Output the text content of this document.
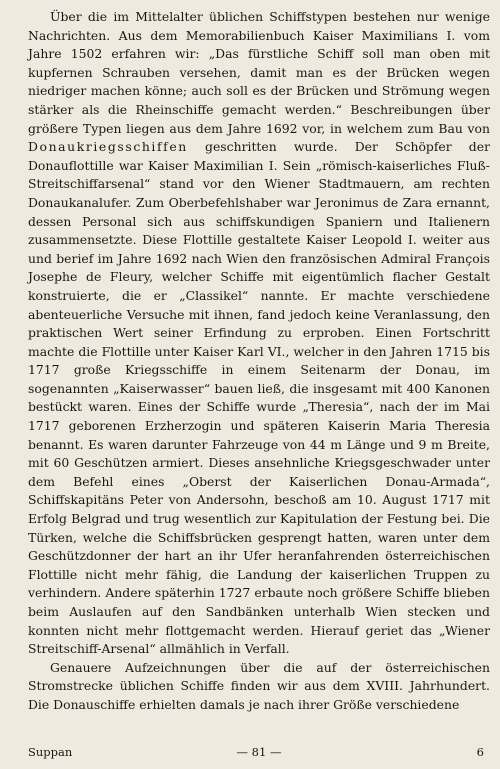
Über die im Mittelalter üblichen Schiffstypen bestehen nur wenige Nachrichten. Aus dem Memorabilienbuch Kaiser Maximilians I. vom Jahre 1502 erfahren wir: „Das fürstliche Schiff soll man oben mit kupfernen Schrauben versehen, damit man es der Brücken wegen niedriger machen könne; auch soll es der Brücken und Strömung wegen stärker als die Rheinschiffe gemacht werden.“ Beschreibungen über größere Typen liegen aus dem Jahre 1692 vor, in welchem zum Bau von Donaukriegsschiffen geschritten wurde. Der Schöpfer der Donauflottille war Kaiser Maximilian I. Sein „römisch-kaiserliches Fluß-Streitschiffarsenal“ stand vor den Wiener Stadtmauern, am rechten Donaukanalufer. Zum Oberbefehlshaber war Jeronimus de Zara ernannt, dessen Personal sich aus schiffskundigen Spaniern und Italienern zusammensetzte. Diese Flottille gestaltete Kaiser Leopold I. weiter aus und berief im Jahre 1692 nach Wien den französischen Admiral François Josephe de Fleury, welcher Schiffe mit eigentümlich flacher Gestalt konstruierte, die er „Classikel“ nannte. Er machte verschiedene abenteuerliche Versuche mit ihnen, fand jedoch keine Veranlassung, den praktischen Wert seiner Erfindung zu erproben. Einen Fortschritt machte die Flottille unter Kaiser Karl VI., welcher in den Jahren 1715 bis 1717 große Kriegsschiffe in einem Seitenarm der Donau, im sogenannten „Kaiserwasser“ bauen ließ, die insgesamt mit 400 Kanonen bestückt waren. Eines der Schiffe wurde „Theresia“, nach der im Mai 1717 geborenen Erzherzogin und späteren Kaiserin Maria Theresia benannt. Es waren darunter Fahrzeuge von 44 m Länge und 9 m Breite, mit 60 Geschützen armiert. Dieses ansehnliche Kriegsgeschwader unter dem Befehl eines „Oberst der Kaiserlichen Donau-Armada“, Schiffskapitäns Peter von Andersohn, beschoß am 10. August 1717 mit Erfolg Belgrad und trug wesentlich zur Kapitulation der Festung bei. Die Türken, welche die Schiffsbrücken gesprengt hatten, waren unter dem Geschützdonner der hart an ihr Ufer heranfahrenden österreichischen Flottille nicht mehr fähig, die Landung der kaiserlichen Truppen zu verhindern. Andere späterhin 1727 erbaute noch größere Schiffe blieben beim Auslaufen auf den Sandbänken unterhalb Wien stecken und konnten nicht mehr flottgemacht werden. Hierauf geriet das „Wiener Streitschiff-Arsenal“ allmählich in Verfall.

Genauere Aufzeichnungen über die auf der österreichischen Stromstrecke üblichen Schiffe finden wir aus dem XVIII. Jahrhundert. Die Donauschiffe erhielten damals je nach ihrer Größe verschiedene

Suppan	— 81 —	6
